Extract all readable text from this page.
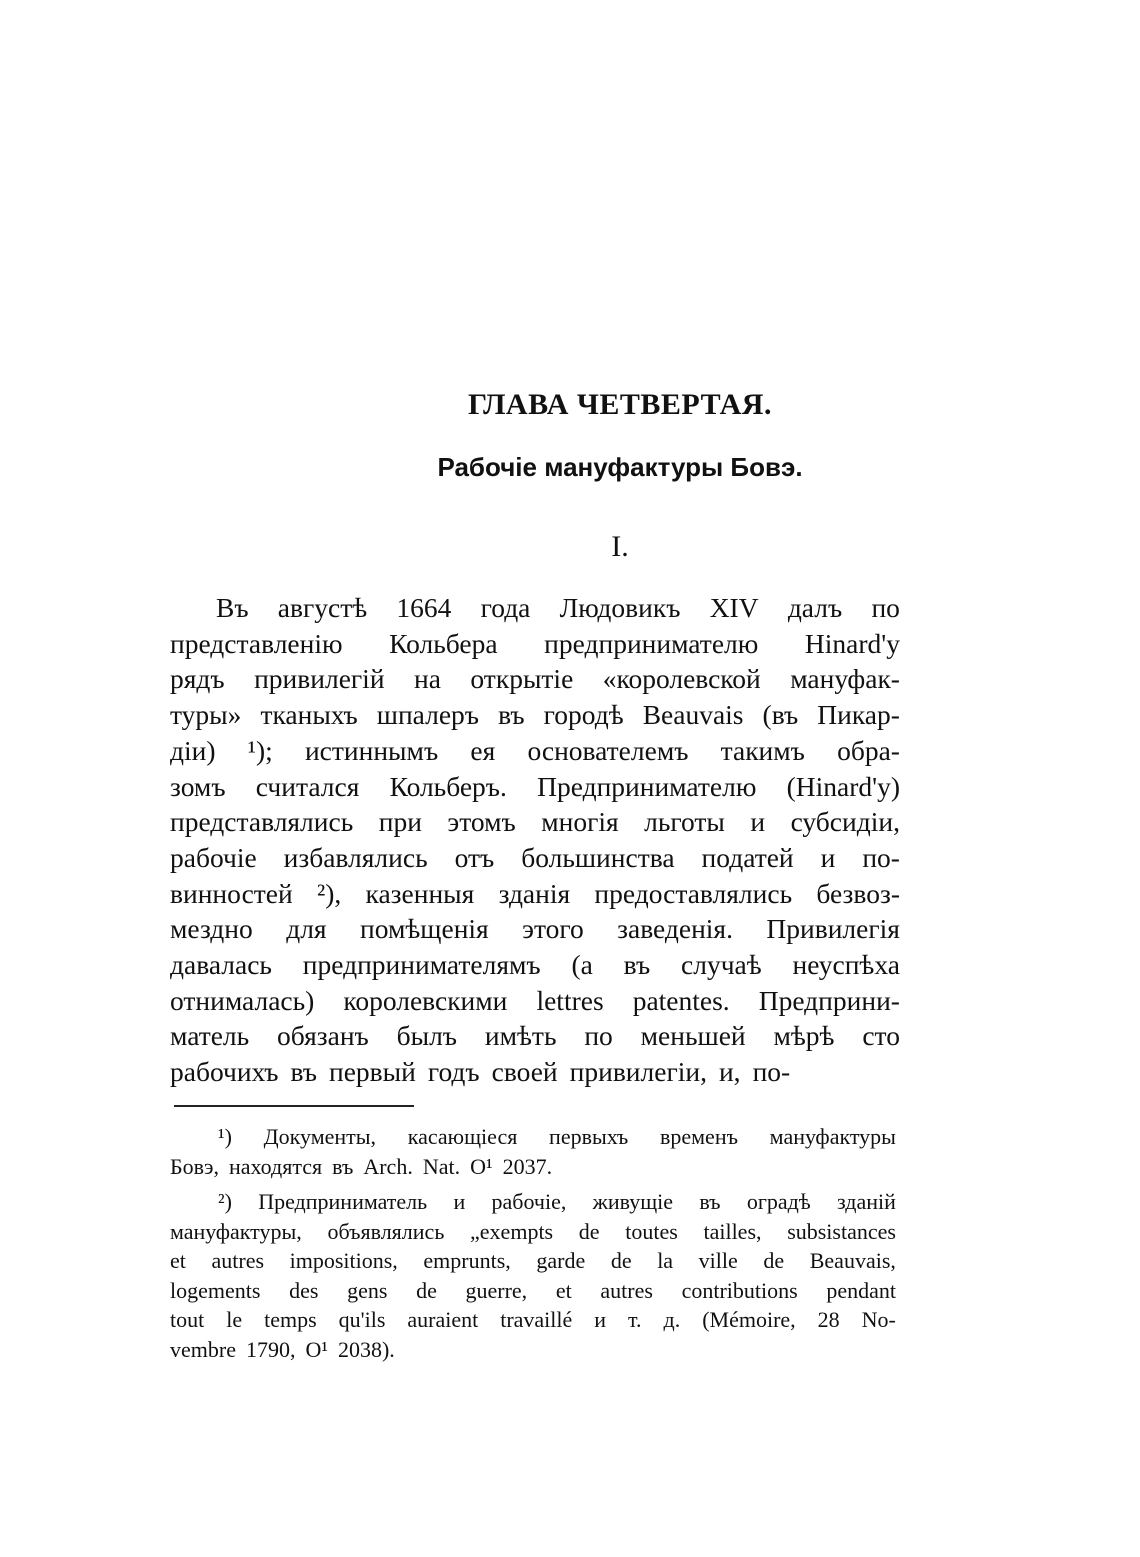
ГЛАВА ЧЕТВЕРТАЯ.
Рабочіе мануфактуры Бовэ.
I.
Въ августѣ 1664 года Людовикъ XIV далъ по
представленію Кольбера предпринимателю Hinard'у
рядъ привилегій на открытіе «королевской мануфак-
туры» тканыхъ шпалеръ въ городѣ Beauvais (въ Пикар-
діи) ¹); истиннымъ ея основателемъ такимъ обра-
зомъ считался Кольберъ. Предпринимателю (Hinard'у)
представлялись при этомъ многія льготы и субсидіи,
рабочіе избавлялись отъ большинства податей и по-
винностей ²), казенныя зданія предоставлялись безвоз-
мездно для помѣщенія этого заведенія. Привилегія
давалась предпринимателямъ (а въ случаѣ неуспѣха
отнималась) королевскими lettres patentes. Предприни-
матель обязанъ былъ имѣть по меньшей мѣрѣ сто
рабочихъ въ первый годъ своей привилегіи, и, по-
¹) Документы, касающіеся первыхъ временъ мануфактуры
Бовэ, находятся въ Arch. Nat. O¹ 2037.
²) Предприниматель и рабочіе, живущіе въ оградѣ зданій
мануфактуры, объявлялись „exempts de toutes tailles, subsistances
et autres impositions, emprunts, garde de la ville de Beauvais,
logements des gens de guerre, et autres contributions pendant
tout le temps qu'ils auraient travaillé и т. д. (Mémoire, 28 No-
vembre 1790, O¹ 2038).
